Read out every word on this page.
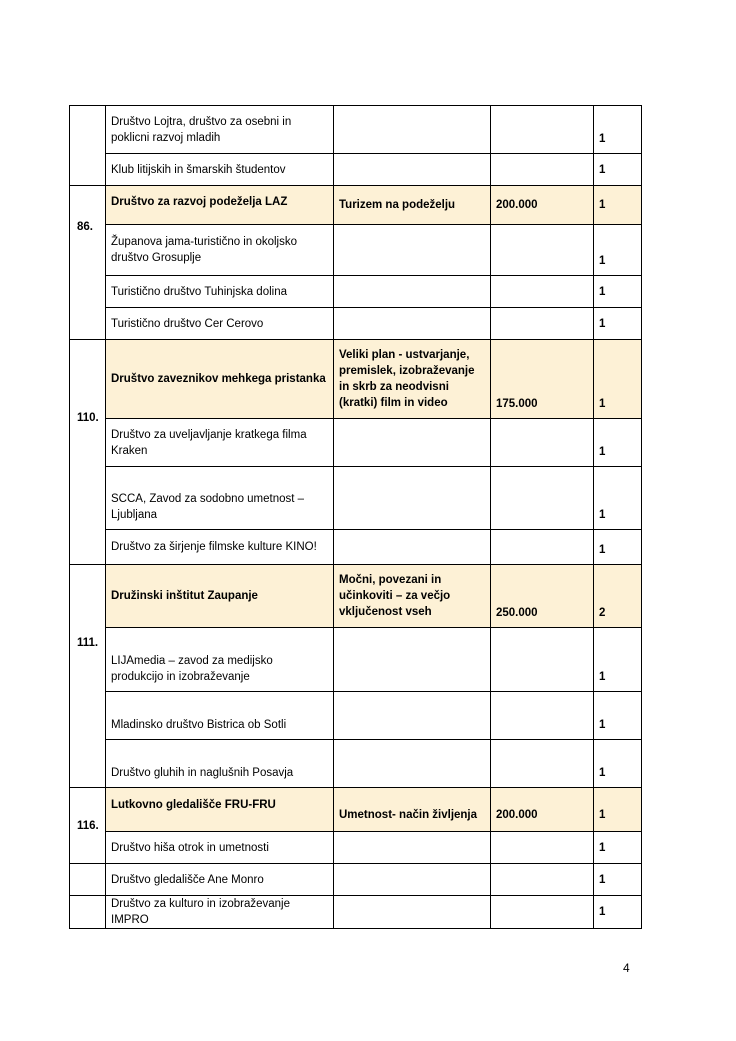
	Društvo Lojtra, društvo za osebni in poklicni razvoj mladih			1
	Klub litijskih in šmarskih študentov			1
86.	Društvo za razvoj podeželja LAZ	Turizem na podeželju	200.000	1
	Županova jama-turistično in okoljsko društvo Grosuplje			1
	Turistično društvo Tuhinjska dolina			1
	Turistično društvo Cer Cerovo			1
110.	Društvo zaveznikov mehkega pristanka	Veliki plan - ustvarjanje, premislek, izobraževanje in skrb za neodvisni (kratki) film in video	175.000	1
	Društvo za uveljavljanje kratkega filma Kraken			1
	SCCA, Zavod za sodobno umetnost – Ljubljana			1
	Društvo za širjenje filmske kulture KINO!			1
111.	Družinski inštitut Zaupanje	Močni, povezani in učinkoviti – za večjo vključenost vseh	250.000	2
	LIJAmedia – zavod za medijsko produkcijo in izobraževanje			1
	Mladinsko društvo Bistrica ob Sotli			1
	Društvo gluhih in naglušnih Posavja			1
116.	Lutkovno gledališče FRU-FRU	Umetnost- način življenja	200.000	1
	Društvo hiša otrok in umetnosti			1
	Društvo gledališče Ane Monro			1
	Društvo za kulturo in izobraževanje IMPRO			1
4
